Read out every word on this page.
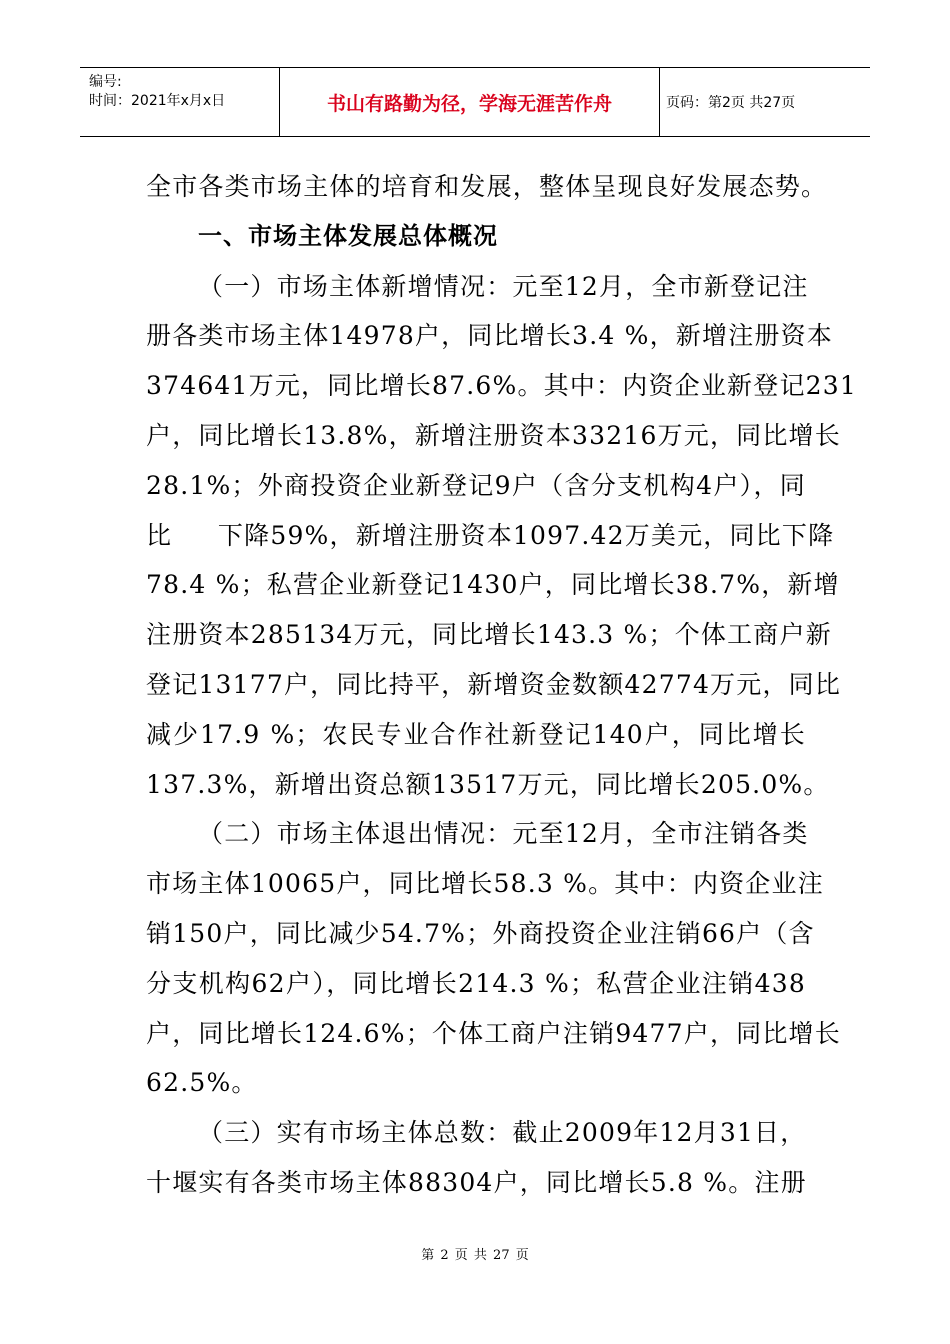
编号:
时间：2021年x月x日	书山有路勤为径，学海无涯苦作舟	页码：第2页 共27页
全市各类市场主体的培育和发展，整体呈现良好发展态势。
一、市场主体发展总体概况
（一）市场主体新增情况：元至12月，全市新登记注
册各类市场主体14978户，同比增长3.4 %，新增注册资本
374641万元，同比增长87.6%。其中：内资企业新登记231
户，同比增长13.8%，新增注册资本33216万元，同比增长
28.1%；外商投资企业新登记9户（含分支机构4户），同
比     下降59%，新增注册资本1097.42万美元，同比下降
78.4 %；私营企业新登记1430户，同比增长38.7%，新增
注册资本285134万元，同比增长143.3 %；个体工商户新
登记13177户，同比持平，新增资金数额42774万元，同比
减少17.9 %；农民专业合作社新登记140户，同比增长
137.3%，新增出资总额13517万元，同比增长205.0%。
（二）市场主体退出情况：元至12月，全市注销各类
市场主体10065户，同比增长58.3 %。其中：内资企业注
销150户，同比减少54.7%；外商投资企业注销66户（含
分支机构62户），同比增长214.3 %；私营企业注销438
户，同比增长124.6%；个体工商户注销9477户，同比增长
62.5%。
（三）实有市场主体总数：截止2009年12月31日，
十堰实有各类市场主体88304户，同比增长5.8 %。注册
第 2 页 共 27 页
